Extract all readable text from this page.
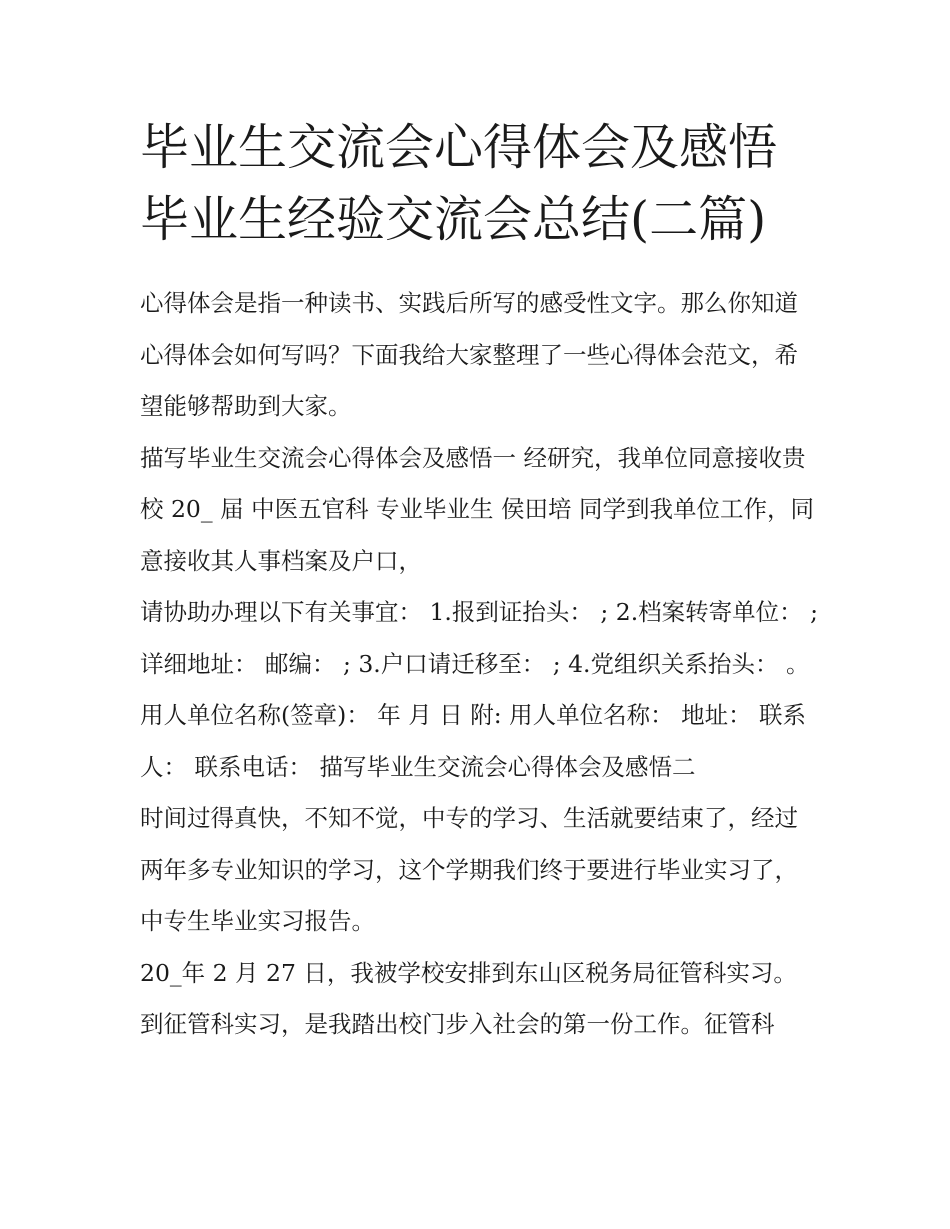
毕业生交流会心得体会及感悟
毕业生经验交流会总结(二篇)

心得体会是指一种读书、实践后所写的感受性文字。那么你知道心得体会如何写吗？下面我给大家整理了一些心得体会范文，希望能够帮助到大家。

描写毕业生交流会心得体会及感悟一 经研究，我单位同意接收贵校 20_ 届 中医五官科 专业毕业生 侯田培 同学到我单位工作，同意接收其人事档案及户口，

请协助办理以下有关事宜： 1.报到证抬头： ; 2.档案转寄单位： ; 详细地址： 邮编： ; 3.户口请迁移至： ; 4.党组织关系抬头： 。

用人单位名称(签章)： 年 月 日 附: 用人单位名称： 地址： 联系人： 联系电话： 描写毕业生交流会心得体会及感悟二

时间过得真快，不知不觉，中专的学习、生活就要结束了，经过两年多专业知识的学习，这个学期我们终于要进行毕业实习了，中专生毕业实习报告。

20_年 2 月 27 日，我被学校安排到东山区税务局征管科实习。到征管科实习，是我踏出校门步入社会的第一份工作。征管科
